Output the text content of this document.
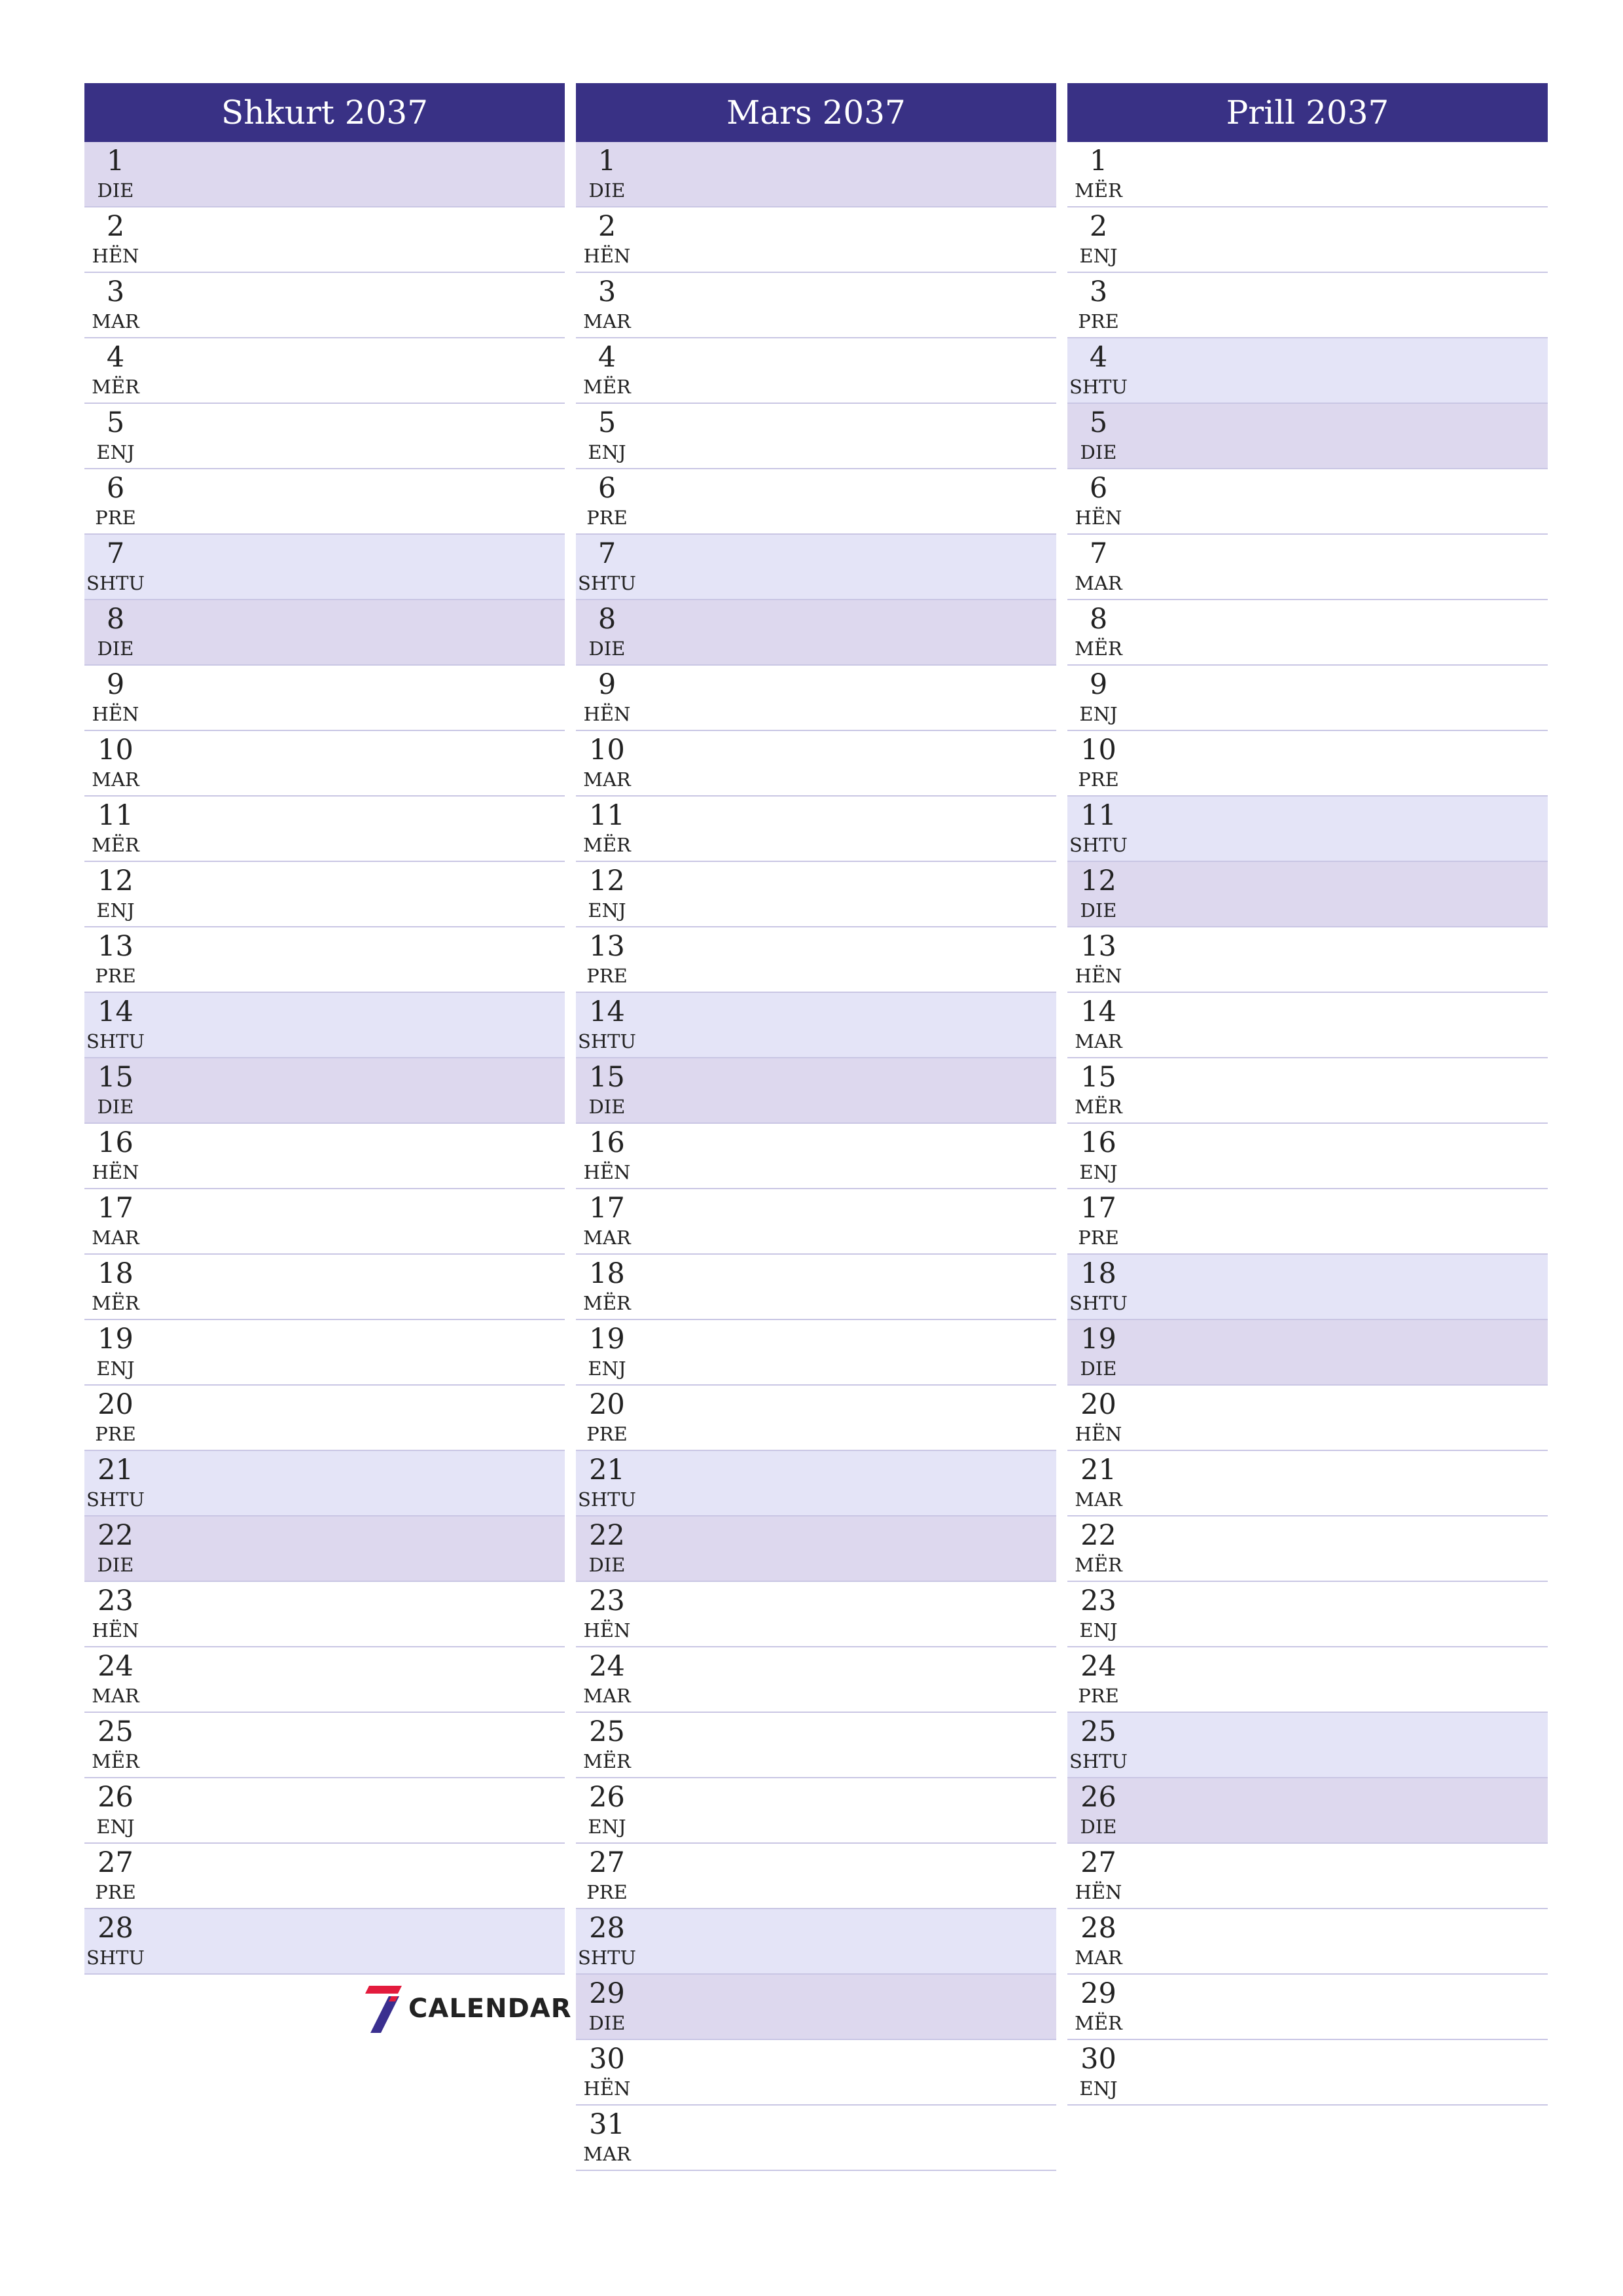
Shkurt 2037
1
DIE
2
HËN
3
MAR
4
MËR
5
ENJ
6
PRE
7
SHTU
8
DIE
9
HËN
10
MAR
11
MËR
12
ENJ
13
PRE
14
SHTU
15
DIE
16
HËN
17
MAR
18
MËR
19
ENJ
20
PRE
21
SHTU
22
DIE
23
HËN
24
MAR
25
MËR
26
ENJ
27
PRE
28
SHTU
Mars 2037
1
DIE
2
HËN
3
MAR
4
MËR
5
ENJ
6
PRE
7
SHTU
8
DIE
9
HËN
10
MAR
11
MËR
12
ENJ
13
PRE
14
SHTU
15
DIE
16
HËN
17
MAR
18
MËR
19
ENJ
20
PRE
21
SHTU
22
DIE
23
HËN
24
MAR
25
MËR
26
ENJ
27
PRE
28
SHTU
29
DIE
30
HËN
31
MAR
Prill 2037
1
MËR
2
ENJ
3
PRE
4
SHTU
5
DIE
6
HËN
7
MAR
8
MËR
9
ENJ
10
PRE
11
SHTU
12
DIE
13
HËN
14
MAR
15
MËR
16
ENJ
17
PRE
18
SHTU
19
DIE
20
HËN
21
MAR
22
MËR
23
ENJ
24
PRE
25
SHTU
26
DIE
27
HËN
28
MAR
29
MËR
30
ENJ
CALENDAR
